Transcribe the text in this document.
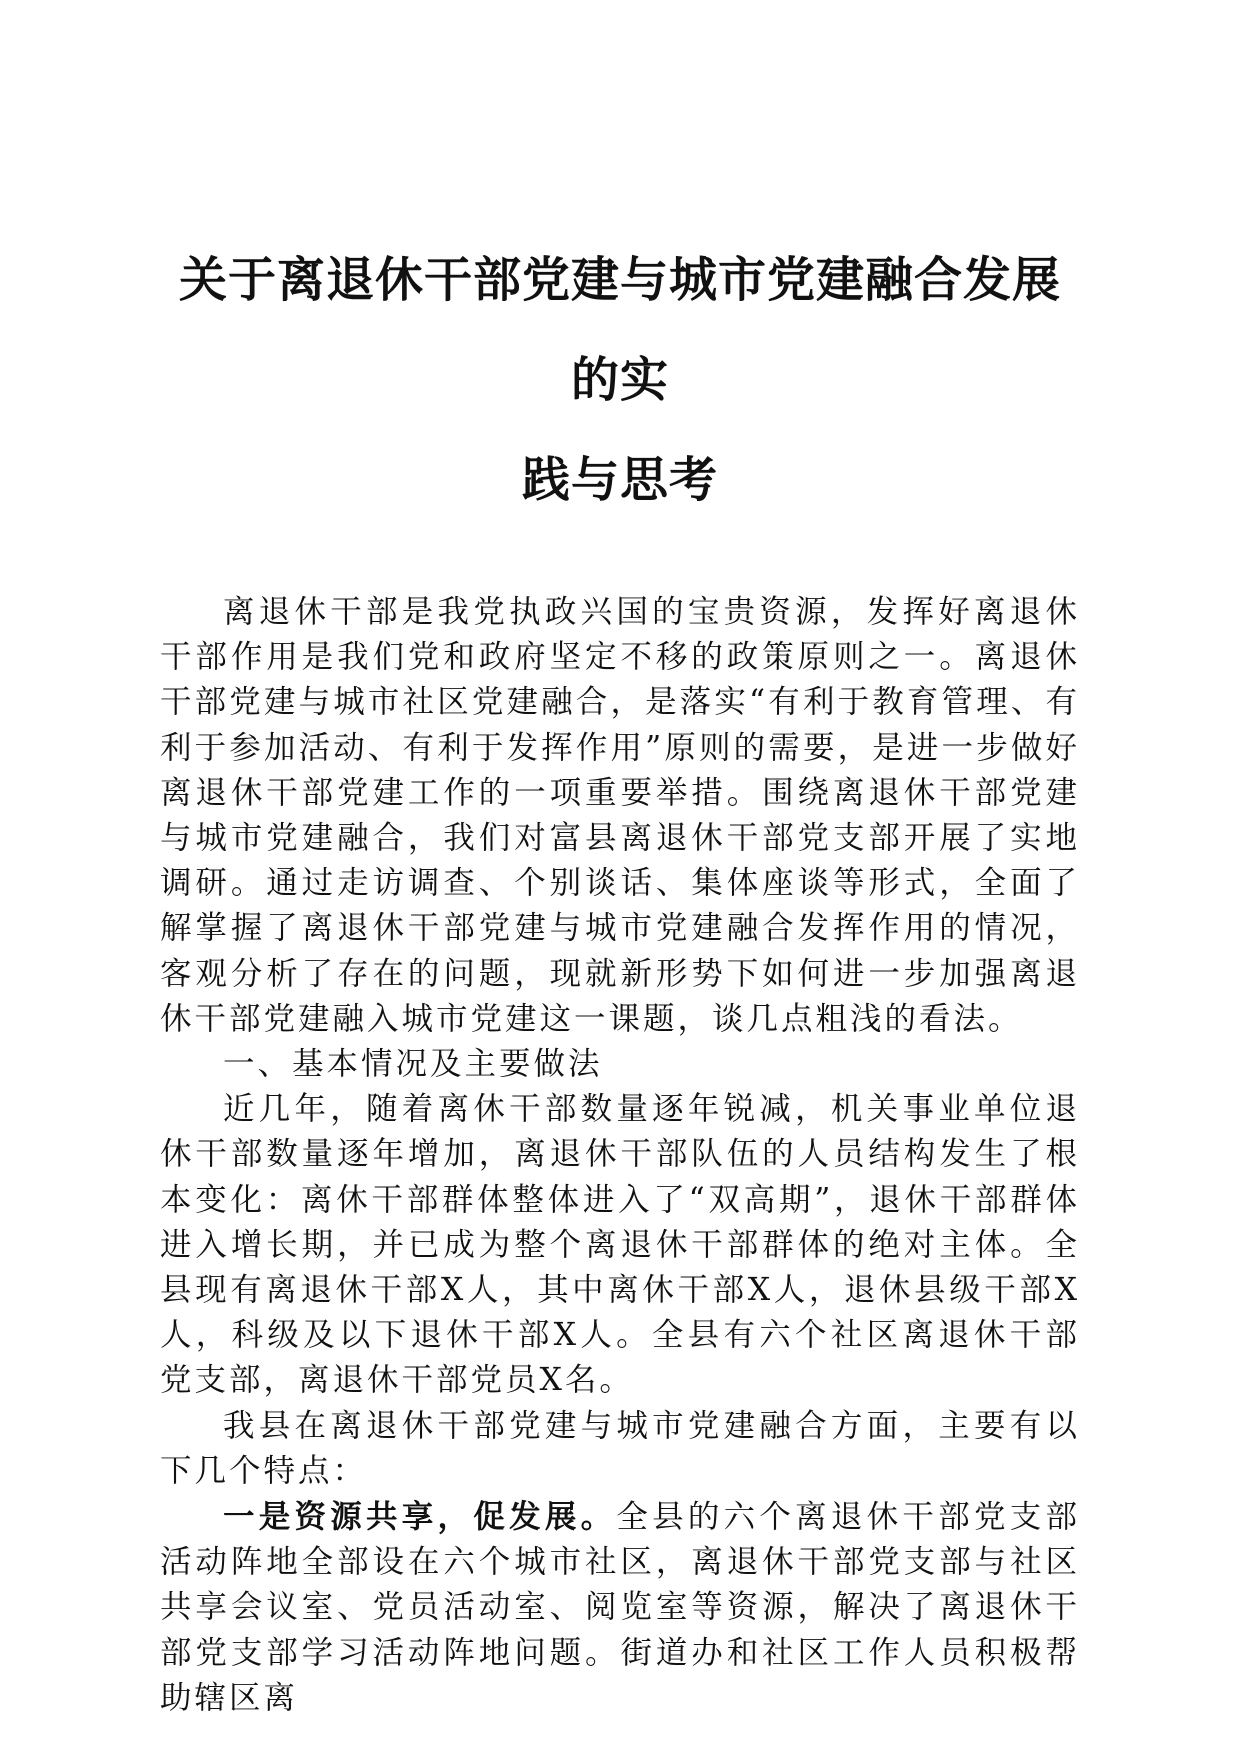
关于离退休干部党建与城市党建融合发展的实
践与思考

离退休干部是我党执政兴国的宝贵资源，发挥好离退休干部作用是我们党和政府坚定不移的政策原则之一。离退休干部党建与城市社区党建融合，是落实“有利于教育管理、有利于参加活动、有利于发挥作用”原则的需要，是进一步做好离退休干部党建工作的一项重要举措。围绕离退休干部党建与城市党建融合，我们对富县离退休干部党支部开展了实地调研。通过走访调查、个别谈话、集体座谈等形式，全面了解掌握了离退休干部党建与城市党建融合发挥作用的情况，客观分析了存在的问题，现就新形势下如何进一步加强离退休干部党建融入城市党建这一课题，谈几点粗浅的看法。

一、基本情况及主要做法

近几年，随着离休干部数量逐年锐减，机关事业单位退休干部数量逐年增加，离退休干部队伍的人员结构发生了根本变化：离休干部群体整体进入了“双高期”，退休干部群体进入增长期，并已成为整个离退休干部群体的绝对主体。全县现有离退休干部X人，其中离休干部X人，退休县级干部X人，科级及以下退休干部X人。全县有六个社区离退休干部党支部，离退休干部党员X名。

我县在离退休干部党建与城市党建融合方面，主要有以下几个特点：

一是资源共享，促发展。全县的六个离退休干部党支部活动阵地全部设在六个城市社区，离退休干部党支部与社区共享会议室、党员活动室、阅览室等资源，解决了离退休干部党支部学习活动阵地问题。街道办和社区工作人员积极帮助辖区离
